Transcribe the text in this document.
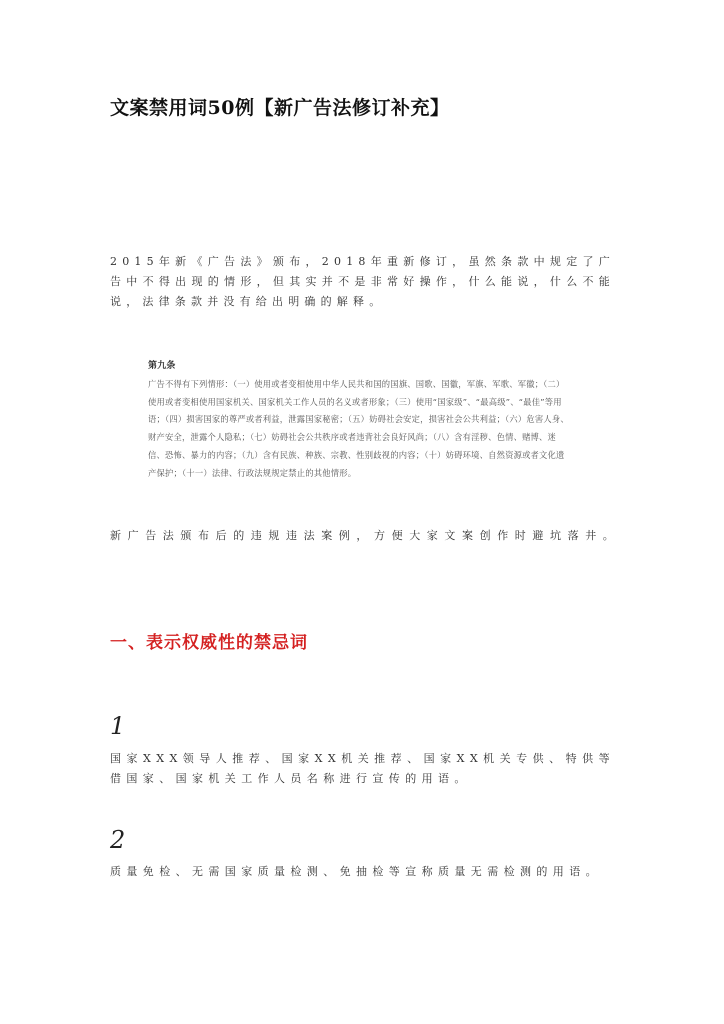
文案禁用词50例【新广告法修订补充】
2015年新《广告法》颁布，2018年重新修订，虽然条款中规定了广告中不得出现的情形，但其实并不是非常好操作，什么能说，什么不能说，法律条款并没有给出明确的解释。
第九条
广告不得有下列情形：（一）使用或者变相使用中华人民共和国的国旗、国歌、国徽，军旗、军歌、军徽；（二）使用或者变相使用国家机关、国家机关工作人员的名义或者形象；（三）使用“国家级”、“最高级”、“最佳”等用语；（四）损害国家的尊严或者利益，泄露国家秘密；（五）妨碍社会安定，损害社会公共利益；（六）危害人身、财产安全，泄露个人隐私；（七）妨碍社会公共秩序或者违背社会良好风尚；（八）含有淫秽、色情、赌博、迷信、恐怖、暴力的内容；（九）含有民族、种族、宗教、性别歧视的内容；（十）妨碍环境、自然资源或者文化遗产保护；（十一）法律、行政法规规定禁止的其他情形。
新广告法颁布后的违规违法案例，方便大家文案创作时避坑落井。
一、表示权威性的禁忌词
1
国家XXX领导人推荐、国家XX机关推荐、国家XX机关专供、特供等借国家、国家机关工作人员名称进行宣传的用语。
2
质量免检、无需国家质量检测、免抽检等宣称质量无需检测的用语。
